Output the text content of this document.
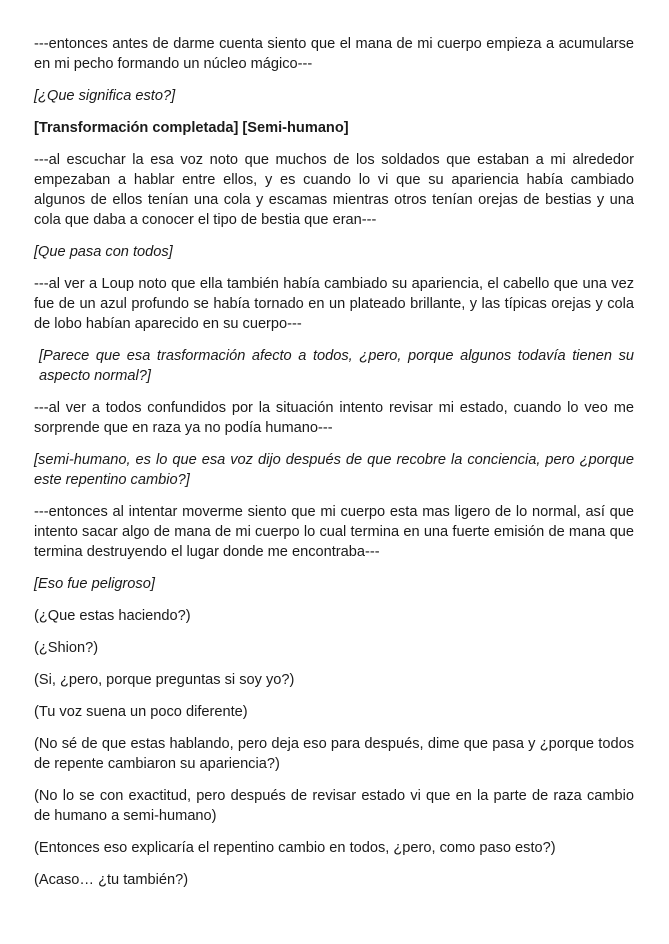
---entonces antes de darme cuenta siento que el mana de mi cuerpo empieza a acumularse en mi pecho formando un núcleo mágico---

[¿Que significa esto?]

[Transformación completada] [Semi-humano]

---al escuchar la esa voz noto que muchos de los soldados que estaban a mi alrededor empezaban a hablar entre ellos, y es cuando lo vi que su apariencia había cambiado algunos de ellos tenían una cola y escamas mientras otros tenían orejas de bestias y una cola que daba a conocer el tipo de bestia que eran---

[Que pasa con todos]

---al ver a Loup noto que ella también había cambiado su apariencia, el cabello que una vez fue de un azul profundo se había tornado en un plateado brillante, y las típicas orejas y cola de lobo habían aparecido en su cuerpo---

[Parece que esa trasformación afecto a todos, ¿pero, porque algunos todavía tienen su aspecto normal?]

---al ver a todos confundidos por la situación intento revisar mi estado, cuando lo veo me sorprende que en raza ya no podía humano---

[semi-humano, es lo que esa voz dijo después de que recobre la conciencia, pero ¿porque este repentino cambio?]

---entonces al intentar moverme siento que mi cuerpo esta mas ligero de lo normal, así que intento sacar algo de mana de mi cuerpo lo cual termina en una fuerte emisión de mana que termina destruyendo el lugar donde me encontraba---

[Eso fue peligroso]

(¿Que estas haciendo?)

(¿Shion?)

(Si, ¿pero, porque preguntas si soy yo?)

(Tu voz suena un poco diferente)

(No sé de que estas hablando, pero deja eso para después, dime que pasa y ¿porque todos de repente cambiaron su apariencia?)

(No lo se con exactitud, pero después de revisar estado vi que en la parte de raza cambio de humano a semi-humano)

(Entonces eso explicaría el repentino cambio en todos, ¿pero, como paso esto?)

(Acaso… ¿tu también?)
